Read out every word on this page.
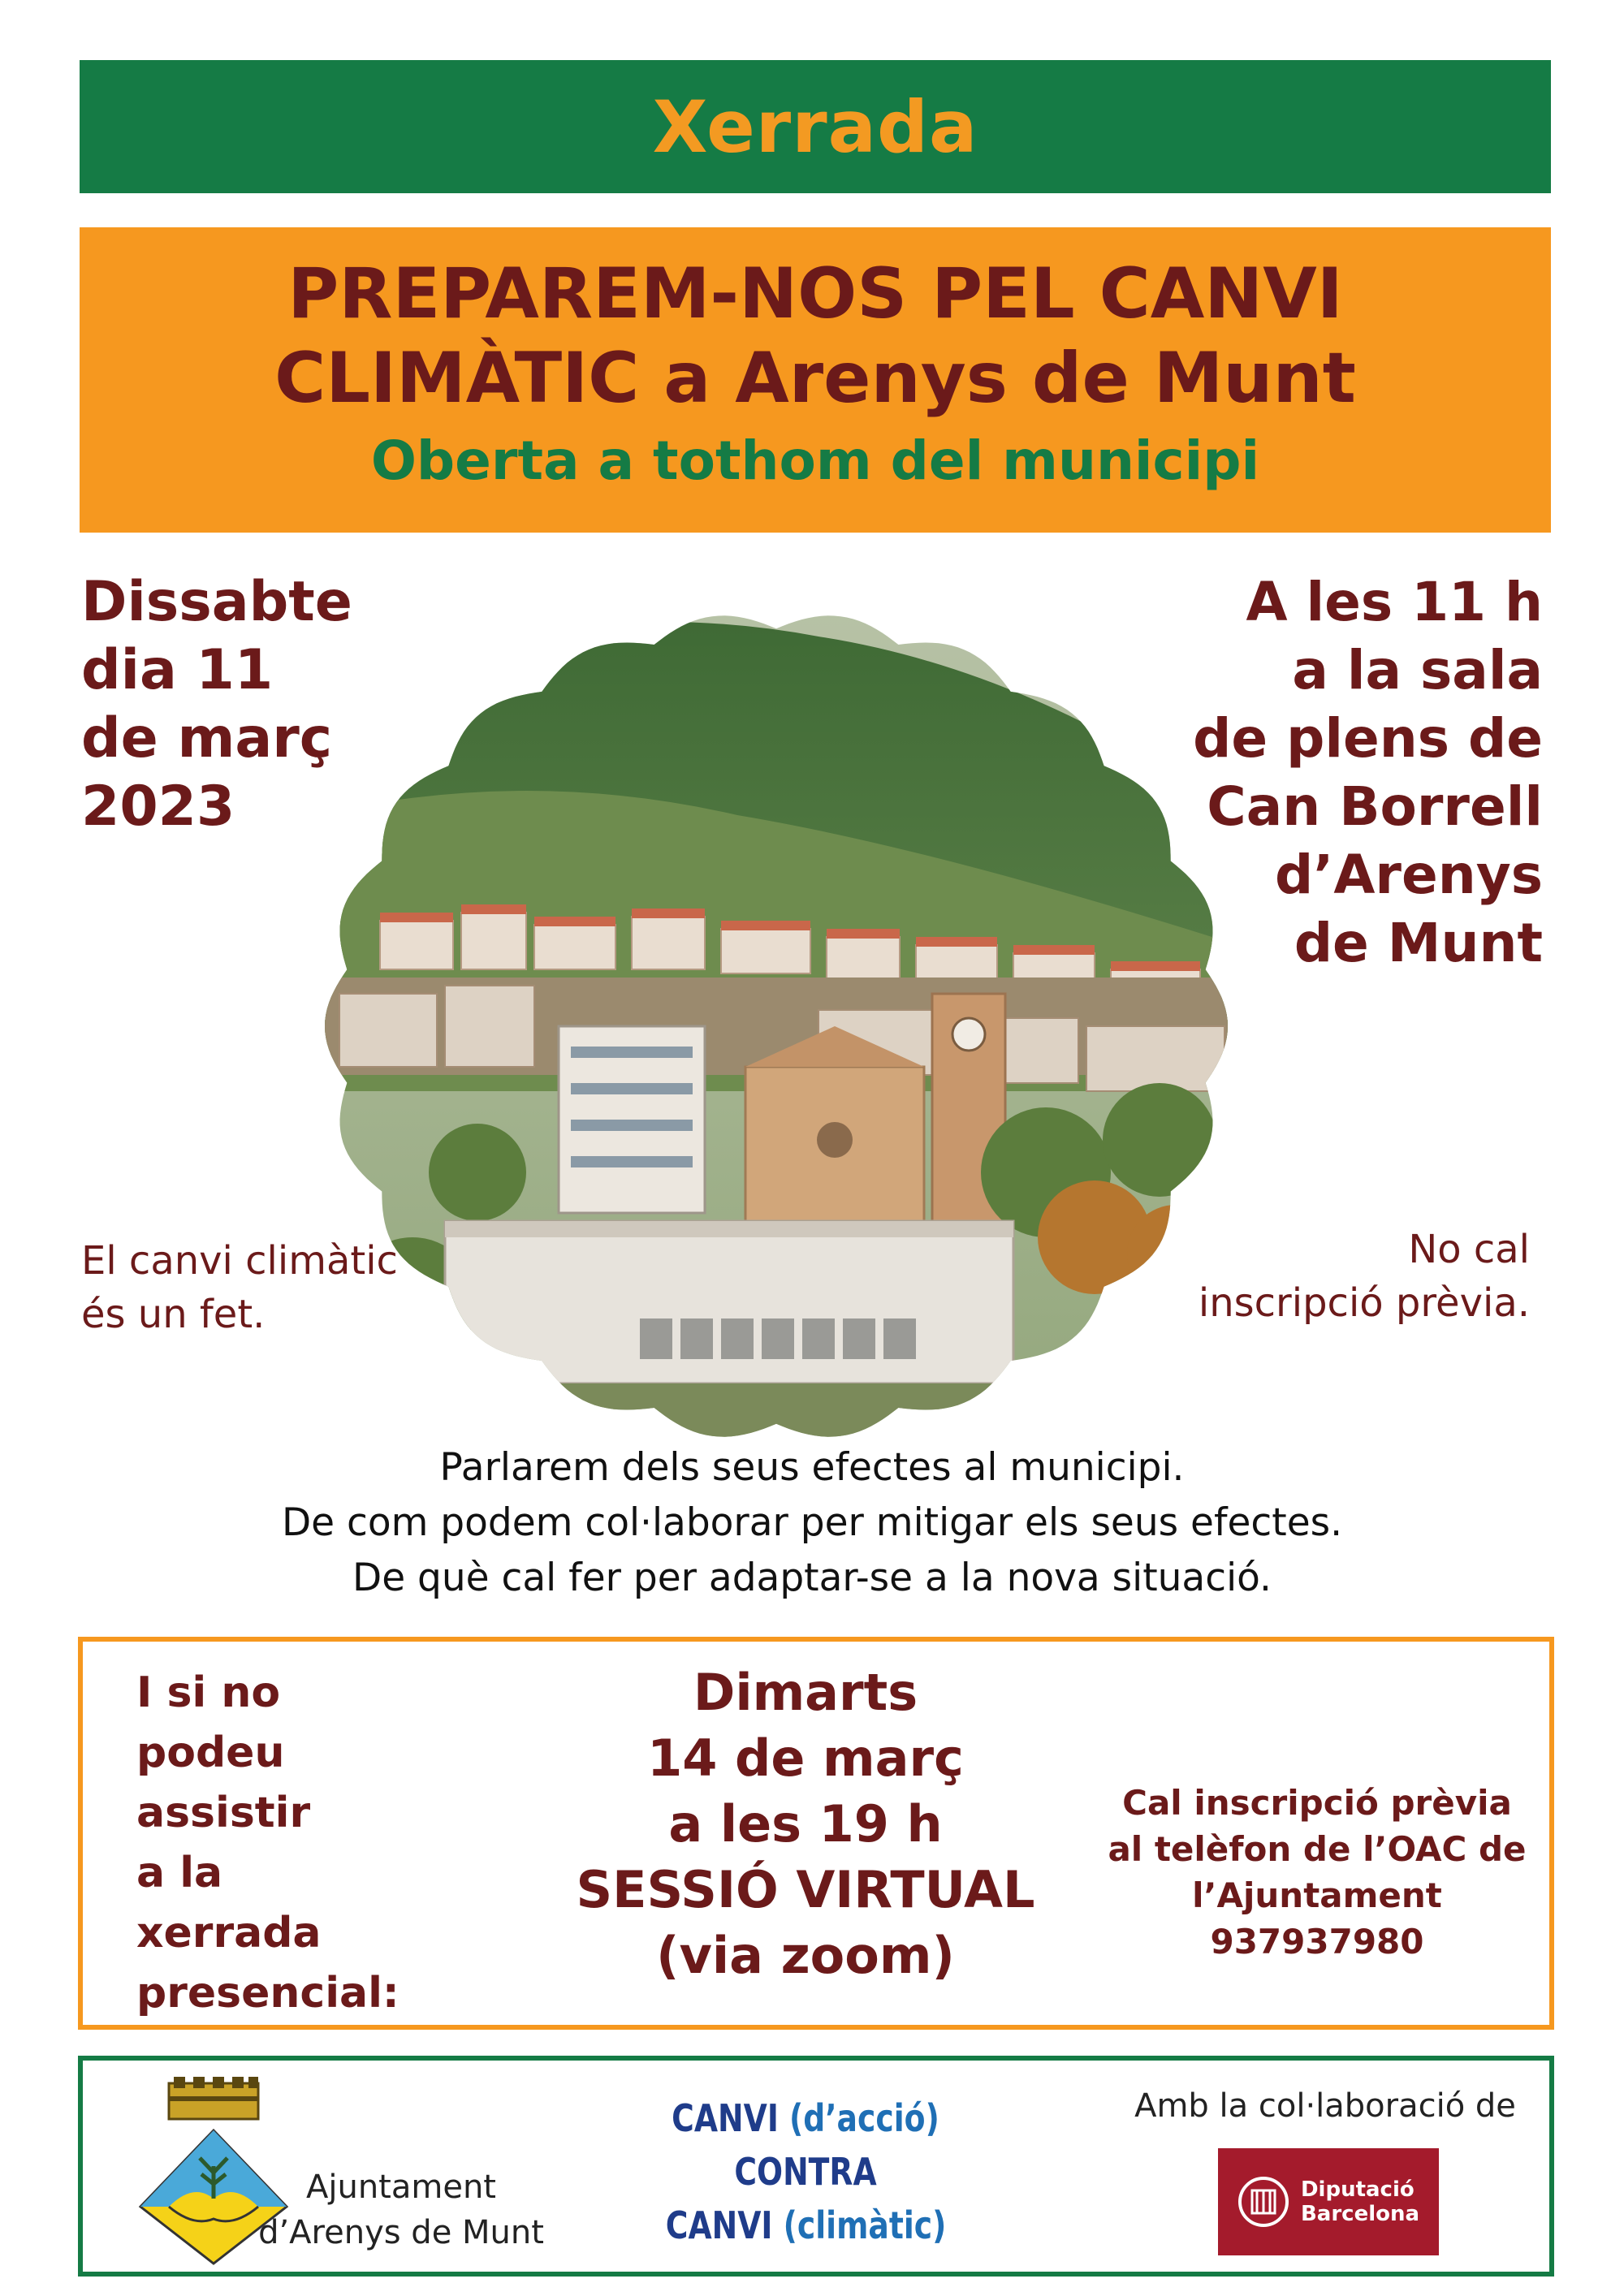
Xerrada
PREPAREM-NOS PEL CANVI
CLIMÀTIC a Arenys de Munt
Oberta a tothom del municipi
Dissabte
dia 11
de març
2023
A les 11 h
a la sala
de plens de
Can Borrell
d’Arenys
de Munt
El canvi climàtic
és un fet.
No cal
inscripció prèvia.
Parlarem dels seus efectes al municipi.
De com podem col·laborar per mitigar els seus efectes.
De què cal fer per adaptar-se a la nova situació.
I si no
podeu
assistir
a la
xerrada
presencial:
Dimarts
14 de març
a les 19 h
SESSIÓ VIRTUAL
(via zoom)
Cal inscripció prèvia
al telèfon de l’OAC de
l’Ajuntament
937937980
Ajuntament
d’Arenys de Munt
CANVI (d’acció)
CONTRA
CANVI (climàtic)
Amb la col·laboració de
Diputació
Barcelona
